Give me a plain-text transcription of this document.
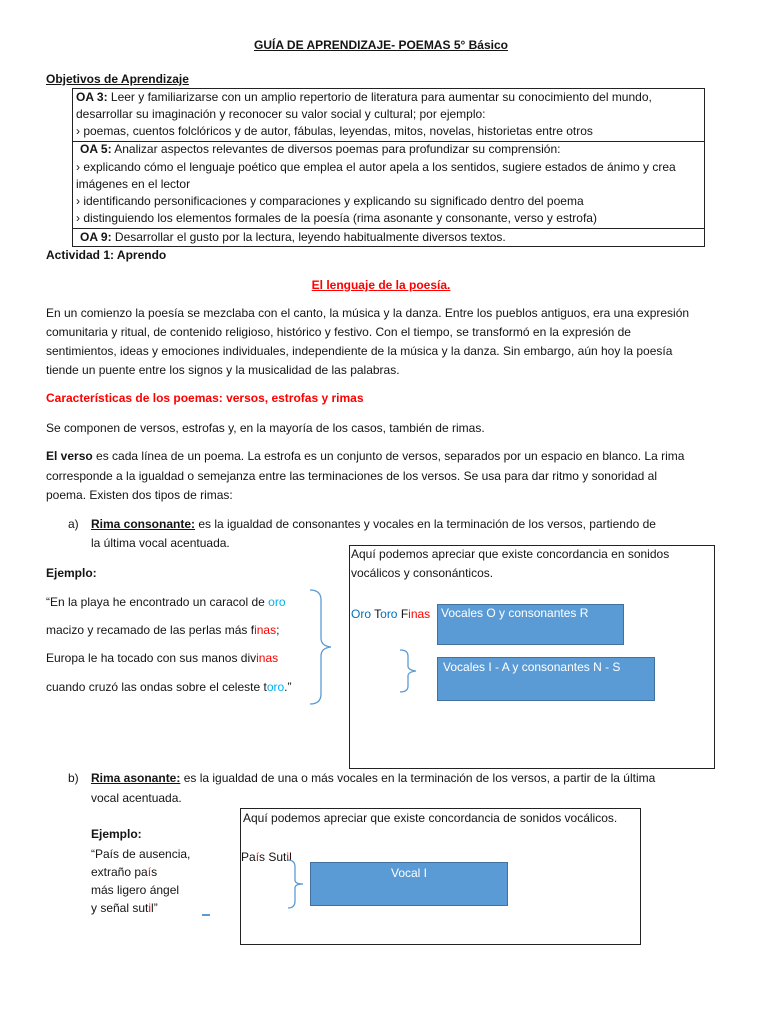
GUÍA DE APRENDIZAJE- POEMAS 5° Básico
Objetivos de Aprendizaje
OA 3: Leer y familiarizarse con un amplio repertorio de literatura para aumentar su conocimiento del mundo,
desarrollar su imaginación y reconocer su valor social y cultural; por ejemplo:
› poemas, cuentos folclóricos y de autor, fábulas, leyendas, mitos, novelas, historietas entre otros
OA 5: Analizar aspectos relevantes de diversos poemas para profundizar su comprensión:
› explicando cómo el lenguaje poético que emplea el autor apela a los sentidos, sugiere estados de ánimo y crea
imágenes en el lector
› identificando personificaciones y comparaciones y explicando su significado dentro del poema
› distinguiendo los elementos formales de la poesía (rima asonante y consonante, verso y estrofa)
OA 9: Desarrollar el gusto por la lectura, leyendo habitualmente diversos textos.
Actividad 1: Aprendo
El lenguaje de la poesía.
En un comienzo la poesía se mezclaba con el canto, la música y la danza. Entre los pueblos antiguos, era una expresión
comunitaria y ritual, de contenido religioso, histórico y festivo. Con el tiempo, se transformó en la expresión de
sentimientos, ideas y emociones individuales, independiente de la música y la danza. Sin embargo, aún hoy la poesía
tiende un puente entre los signos y la musicalidad de las palabras.
Características de los poemas: versos, estrofas y rimas
Se componen de versos, estrofas y, en la mayoría de los casos, también de rimas.
El verso es cada línea de un poema. La estrofa es un conjunto de versos, separados por un espacio en blanco. La rima
corresponde a la igualdad o semejanza entre las terminaciones de los versos. Se usa para dar ritmo y sonoridad al
poema. Existen dos tipos de rimas:
a) Rima consonante: es la igualdad de consonantes y vocales en la terminación de los versos, partiendo de
la última vocal acentuada.
Ejemplo:
“En la playa he encontrado un caracol de oro
macizo y recamado de las perlas más finas;
Europa le ha tocado con sus manos divinas
cuando cruzó las ondas sobre el celeste toro.”
Aquí podemos apreciar que existe concordancia en sonidos
vocálicos y consonánticos.
Oro Toro Finas Vocales O y consonantes R
Vocales I - A y consonantes N - S
b) Rima asonante: es la igualdad de una o más vocales en la terminación de los versos, a partir de la última
vocal acentuada.
Ejemplo:
“País de ausencia,
extraño país
más ligero ángel
y señal sutil”
Aquí podemos apreciar que existe concordancia de sonidos vocálicos.
País Sutil
Vocal I
